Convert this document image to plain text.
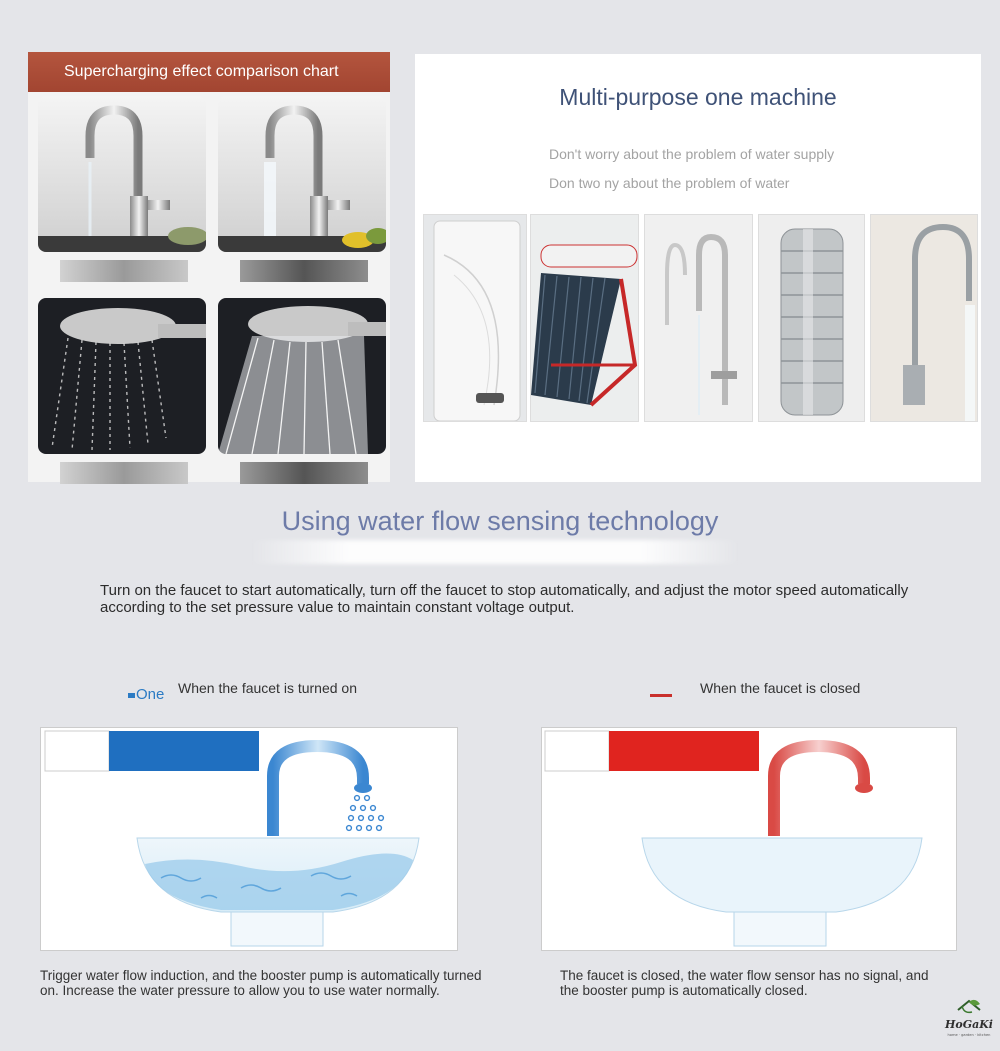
Supercharging effect comparison chart
Multi-purpose one machine
Don't worry about the problem of water supply
Don two ny about the problem of water
Using water flow sensing technology
Turn on the faucet to start automatically, turn off the faucet to stop automatically, and adjust the motor speed automatically according to the set pressure value to maintain constant voltage output.
One When the faucet is turned on	When the faucet is closed
Trigger water flow induction, and the booster pump is automatically turned on. Increase the water pressure to allow you to use water normally.
The faucet is closed, the water flow sensor has no signal, and the booster pump is automatically closed.
HoGaKi
home · garden · kitchen
